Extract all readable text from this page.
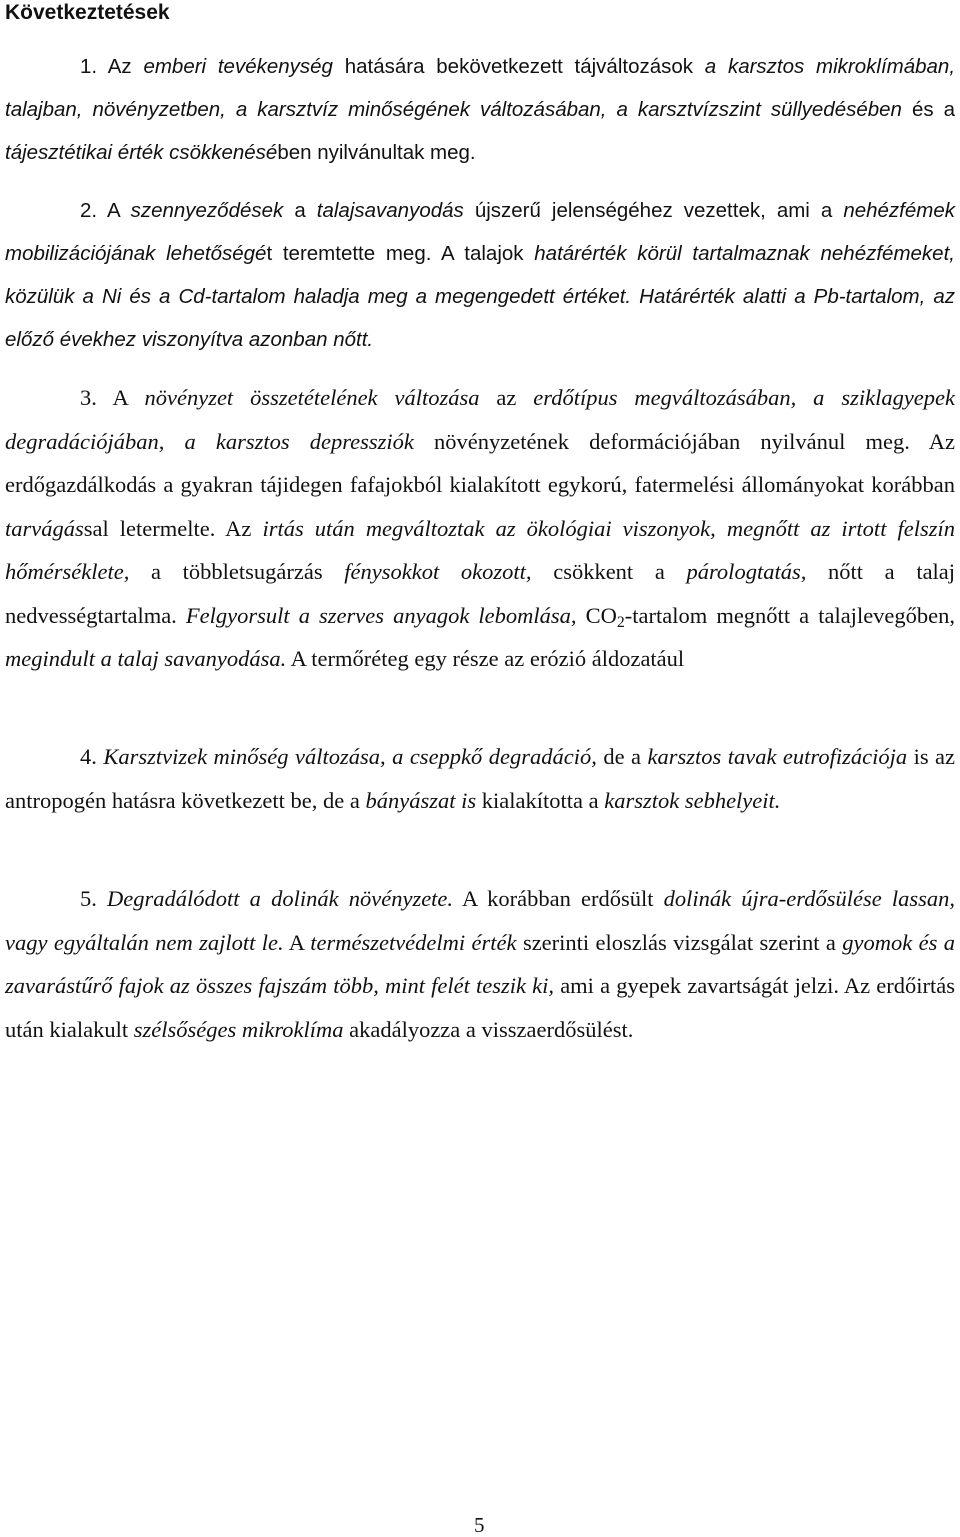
Következtetések

1. Az emberi tevékenység hatására bekövetkezett tájváltozások a karsztos mikroklímában, talajban, növényzetben, a karsztvíz minőségének változásában, a karsztvízszint süllyedésében és a tájesztétikai érték csökkenésében nyilvánultak meg.

2. A szennyeződések a talajsavanyodás újszerű jelenségéhez vezettek, ami a nehézfémek mobilizációjának lehetőségét teremtette meg. A talajok határérték körül tartalmaznak nehézfémeket, közülük a Ni és a Cd-tartalom haladja meg a megengedett értéket. Határérték alatti a Pb-tartalom, az előző évekhez viszonyítva azonban nőtt.

3. A növényzet összetételének változása az erdőtípus megváltozásában, a sziklagyepek degradációjában, a karsztos depressziók növényzetének deformációjában nyilvánul meg. Az erdőgazdálkodás a gyakran tájidegen fafajokból kialakított egykorú, fatermelési állományokat korábban tarvágással letermelte. Az irtás után megváltoztak az ökológiai viszonyok, megnőtt az irtott felszín hőmérséklete, a többletsugárzás fénysokkot okozott, csökkent a párologtatás, nőtt a talaj nedvességtartalma. Felgyorsult a szerves anyagok lebomlása, $CO_2$-tartalom megnőtt a talajlevegőben, megindult a talaj savanyodása. A termőréteg egy része az erózió áldozatául

4. Karsztvizek minőség változása, a cseppkő degradáció, de a karsztos tavak eutrofizációja is az antropogén hatásra következett be, de a bányászat is kialakította a karsztok sebhelyeit.

5. Degradálódott a dolinák növényzete. A korábban erdősült dolinák újra-erdősülése lassan, vagy egyáltalán nem zajlott le. A természetvédelmi érték szerinti eloszlás vizsgálat szerint a gyomok és a zavarástűrő fajok az összes fajszám több, mint felét teszik ki, ami a gyepek zavartságát jelzi. Az erdőirtás után kialakult szélsőséges mikroklíma akadályozza a visszaerdősülést.

5
